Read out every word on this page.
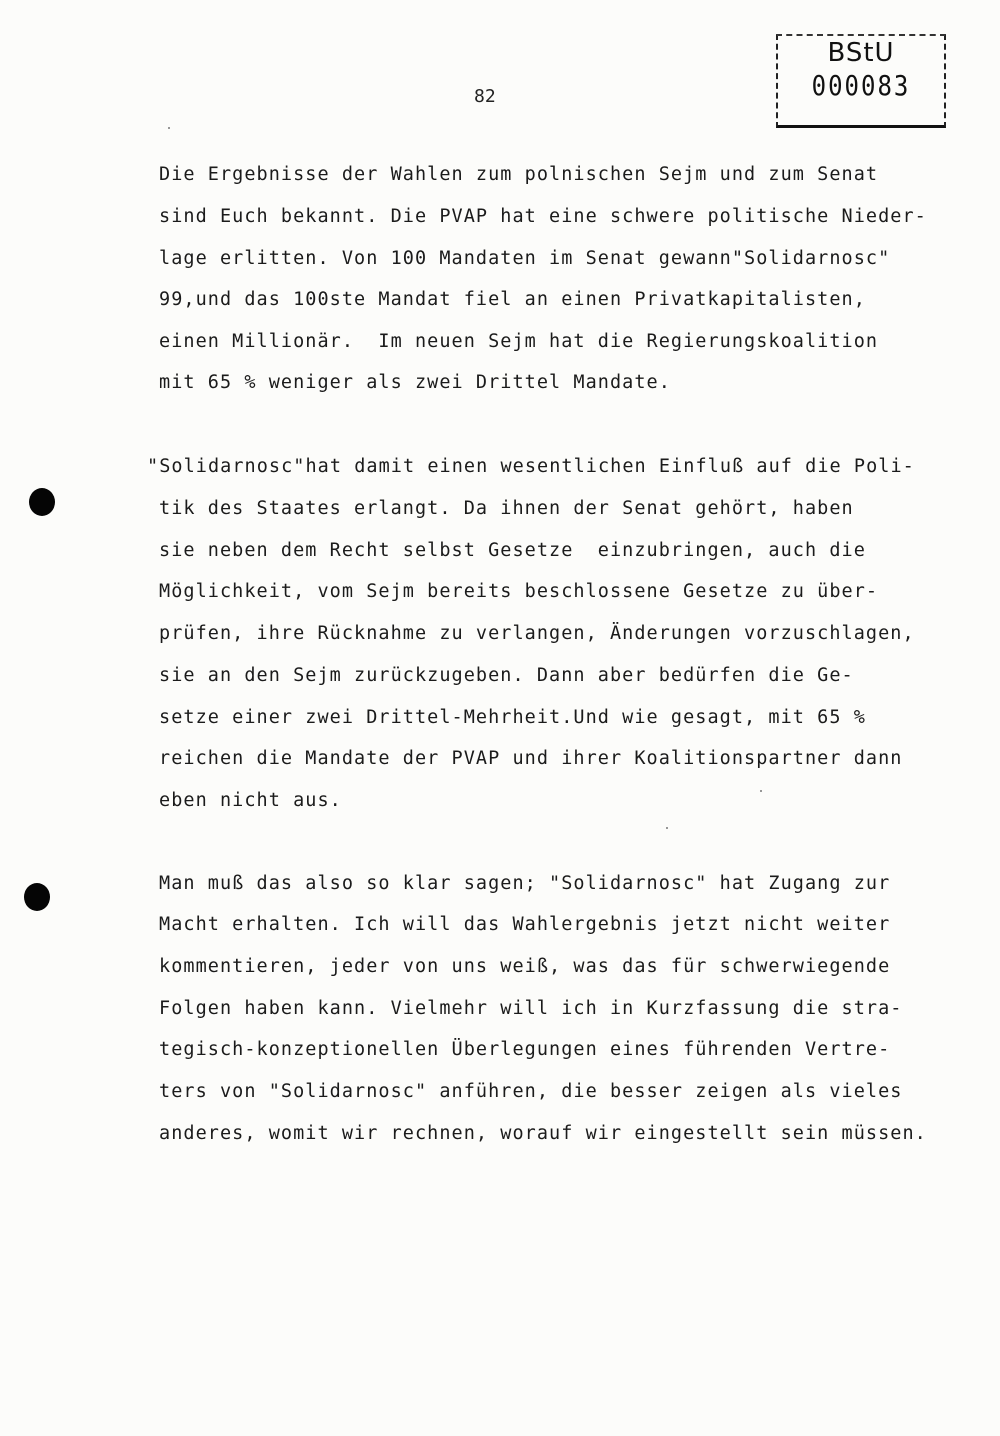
BStU
000083
82
Die Ergebnisse der Wahlen zum polnischen Sejm und zum Senat
sind Euch bekannt. Die PVAP hat eine schwere politische Nieder-
lage erlitten. Von 100 Mandaten im Senat gewann"Solidarnosc"
99,und das 100ste Mandat fiel an einen Privatkapitalisten,
einen Millionär.  Im neuen Sejm hat die Regierungskoalition
mit 65 % weniger als zwei Drittel Mandate.
"Solidarnosc"hat damit einen wesentlichen Einfluß auf die Poli-
tik des Staates erlangt. Da ihnen der Senat gehört, haben
sie neben dem Recht selbst Gesetze  einzubringen, auch die
Möglichkeit, vom Sejm bereits beschlossene Gesetze zu über-
prüfen, ihre Rücknahme zu verlangen, Änderungen vorzuschlagen,
sie an den Sejm zurückzugeben. Dann aber bedürfen die Ge-
setze einer zwei Drittel-Mehrheit.Und wie gesagt, mit 65 %
reichen die Mandate der PVAP und ihrer Koalitionspartner dann
eben nicht aus.
Man muß das also so klar sagen; "Solidarnosc" hat Zugang zur
Macht erhalten. Ich will das Wahlergebnis jetzt nicht weiter
kommentieren, jeder von uns weiß, was das für schwerwiegende
Folgen haben kann. Vielmehr will ich in Kurzfassung die stra-
tegisch-konzeptionellen Überlegungen eines führenden Vertre-
ters von "Solidarnosc" anführen, die besser zeigen als vieles
anderes, womit wir rechnen, worauf wir eingestellt sein müssen.
